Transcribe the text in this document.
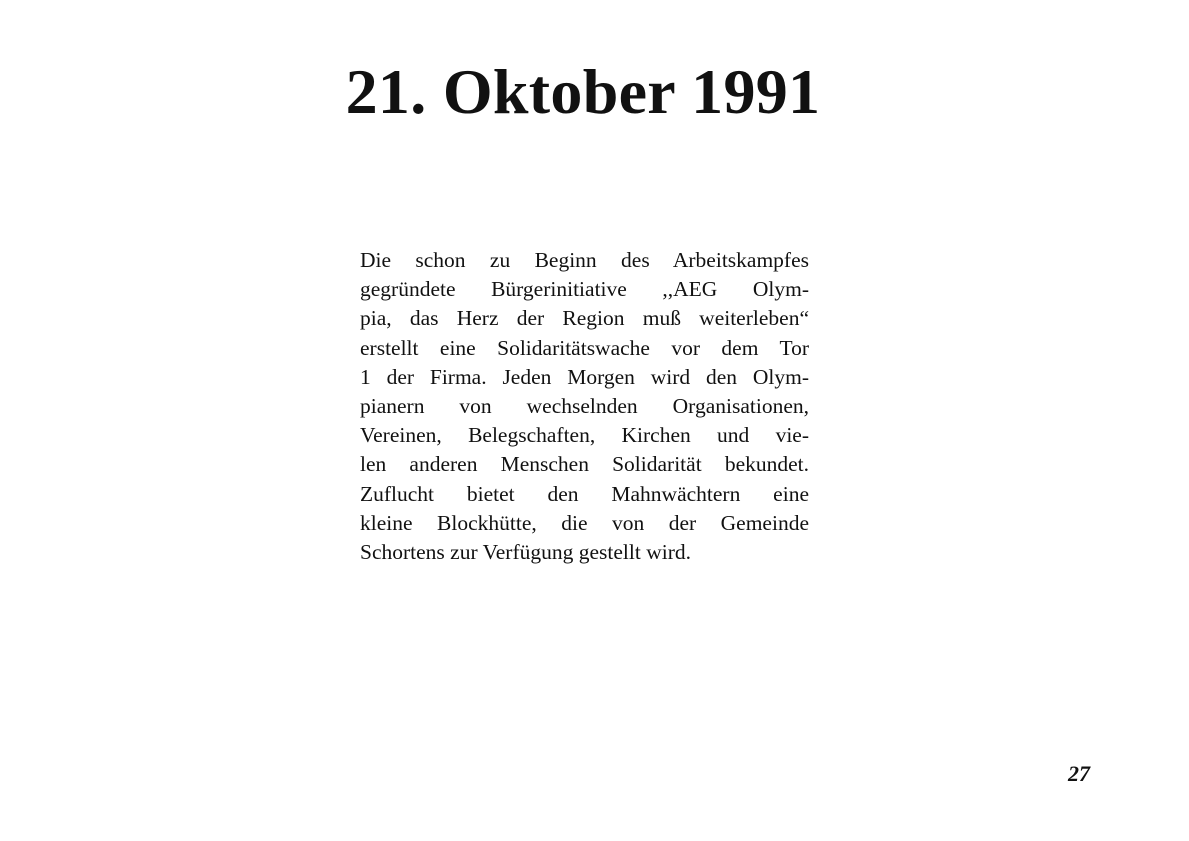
21. Oktober 1991
Die schon zu Beginn des Arbeitskampfes
gegründete Bürgerinitiative ,,AEG Olym-
pia, das Herz der Region muß weiterleben“
erstellt eine Solidaritätswache vor dem Tor
1 der Firma. Jeden Morgen wird den Olym-
pianern von wechselnden Organisationen,
Vereinen, Belegschaften, Kirchen und vie-
len anderen Menschen Solidarität bekundet.
Zuflucht bietet den Mahnwächtern eine
kleine Blockhütte, die von der Gemeinde
Schortens zur Verfügung gestellt wird.
27
